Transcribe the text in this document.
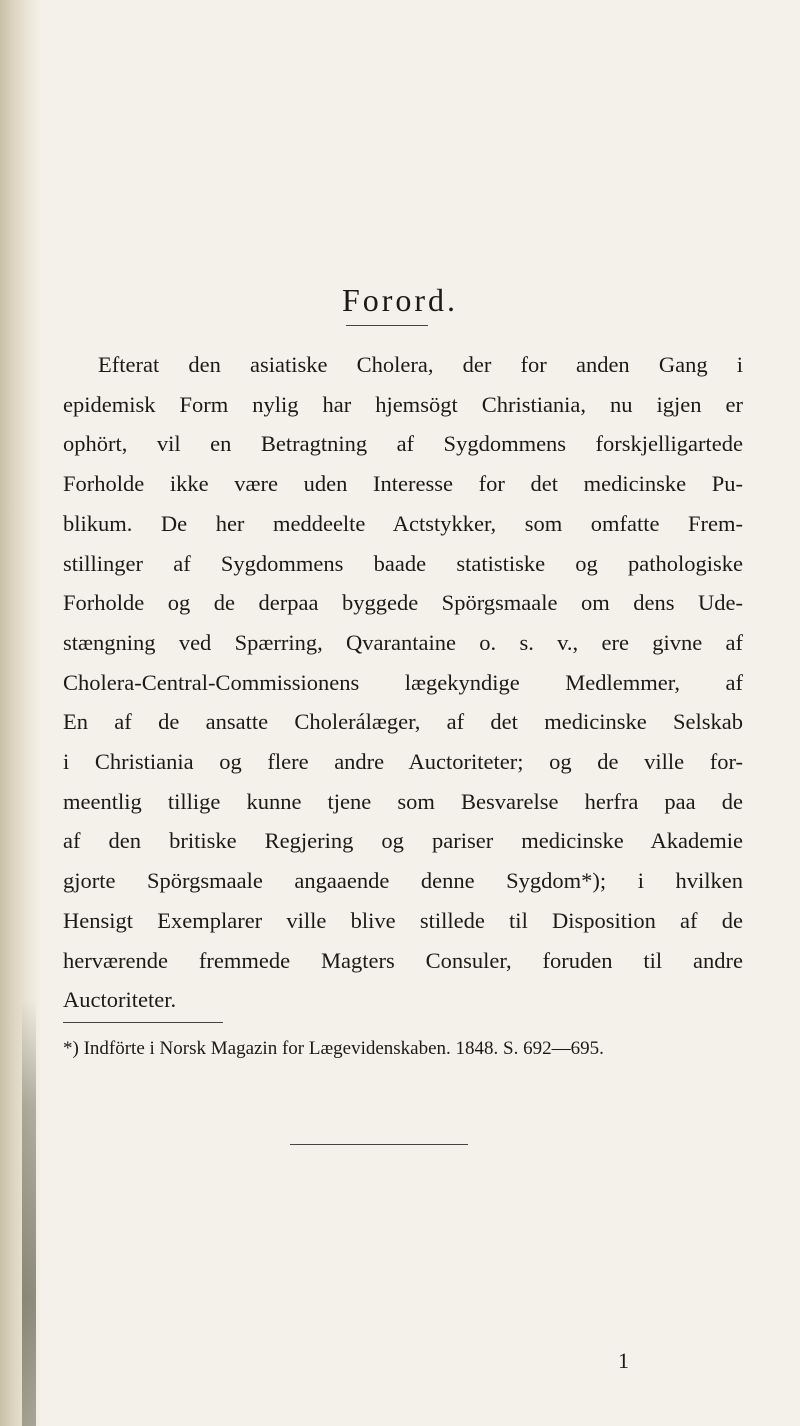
Forord.

Efterat den asiatiske Cholera, der for anden Gang i
epidemisk Form nylig har hjemsögt Christiania, nu igjen er
ophört, vil en Betragtning af Sygdommens forskjelligartede
Forholde ikke være uden Interesse for det medicinske Pu-
blikum. De her meddeelte Actstykker, som omfatte Frem-
stillinger af Sygdommens baade statistiske og pathologiske
Forholde og de derpaa byggede Spörgsmaale om dens Ude-
stængning ved Spærring, Qvarantaine o. s. v., ere givne af
Cholera-Central-Commissionens lægekyndige Medlemmer, af
En af de ansatte Cholerálæger, af det medicinske Selskab
i Christiania og flere andre Auctoriteter; og de ville for-
meentlig tillige kunne tjene som Besvarelse herfra paa de
af den britiske Regjering og pariser medicinske Akademie
gjorte Spörgsmaale angaaende denne Sygdom*); i hvilken
Hensigt Exemplarer ville blive stillede til Disposition af de
herværende fremmede Magters Consuler, foruden til andre
Auctoriteter.

*) Indförte i Norsk Magazin for Lægevidenskaben. 1848. S. 692—695.

1
